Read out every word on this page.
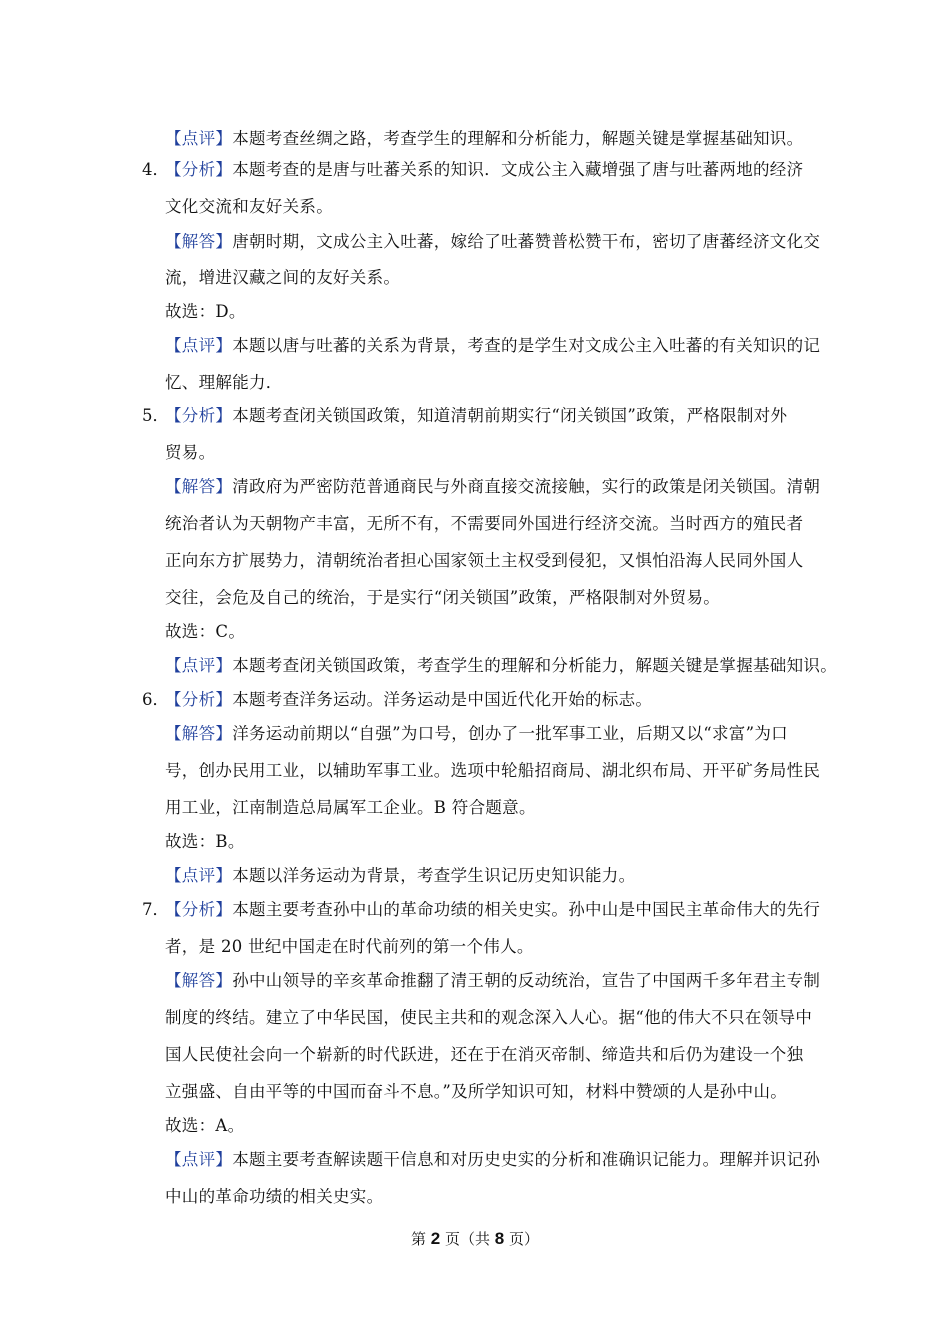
【点评】本题考查丝绸之路，考查学生的理解和分析能力，解题关键是掌握基础知识。
4．
【分析】本题考查的是唐与吐蕃关系的知识．文成公主入藏增强了唐与吐蕃两地的经济
文化交流和友好关系。
【解答】唐朝时期，文成公主入吐蕃，嫁给了吐蕃赞普松赞干布，密切了唐蕃经济文化交
流，增进汉藏之间的友好关系。
故选：D。
【点评】本题以唐与吐蕃的关系为背景，考查的是学生对文成公主入吐蕃的有关知识的记
忆、理解能力．
5．
【分析】本题考查闭关锁国政策，知道清朝前期实行“闭关锁国”政策，严格限制对外
贸易。
【解答】清政府为严密防范普通商民与外商直接交流接触，实行的政策是闭关锁国。清朝
统治者认为天朝物产丰富，无所不有，不需要同外国进行经济交流。当时西方的殖民者
正向东方扩展势力，清朝统治者担心国家领土主权受到侵犯，又惧怕沿海人民同外国人
交往，会危及自己的统治，于是实行“闭关锁国”政策，严格限制对外贸易。
故选：C。
【点评】本题考查闭关锁国政策，考查学生的理解和分析能力，解题关键是掌握基础知识。
6．
【分析】本题考查洋务运动。洋务运动是中国近代化开始的标志。
【解答】洋务运动前期以“自强”为口号，创办了一批军事工业，后期又以“求富”为口
号，创办民用工业，以辅助军事工业。选项中轮船招商局、湖北织布局、开平矿务局性民
用工业，江南制造总局属军工企业。B 符合题意。
故选：B。
【点评】本题以洋务运动为背景，考查学生识记历史知识能力。
7．
【分析】本题主要考查孙中山的革命功绩的相关史实。孙中山是中国民主革命伟大的先行
者，是 20 世纪中国走在时代前列的第一个伟人。
【解答】孙中山领导的辛亥革命推翻了清王朝的反动统治，宣告了中国两千多年君主专制
制度的终结。建立了中华民国，使民主共和的观念深入人心。据“他的伟大不只在领导中
国人民使社会向一个崭新的时代跃进，还在于在消灭帝制、缔造共和后仍为建设一个独
立强盛、自由平等的中国而奋斗不息。”及所学知识可知，材料中赞颂的人是孙中山。
故选：A。
【点评】本题主要考查解读题干信息和对历史史实的分析和准确识记能力。理解并识记孙
中山的革命功绩的相关史实。
第 2 页（共 8 页）
